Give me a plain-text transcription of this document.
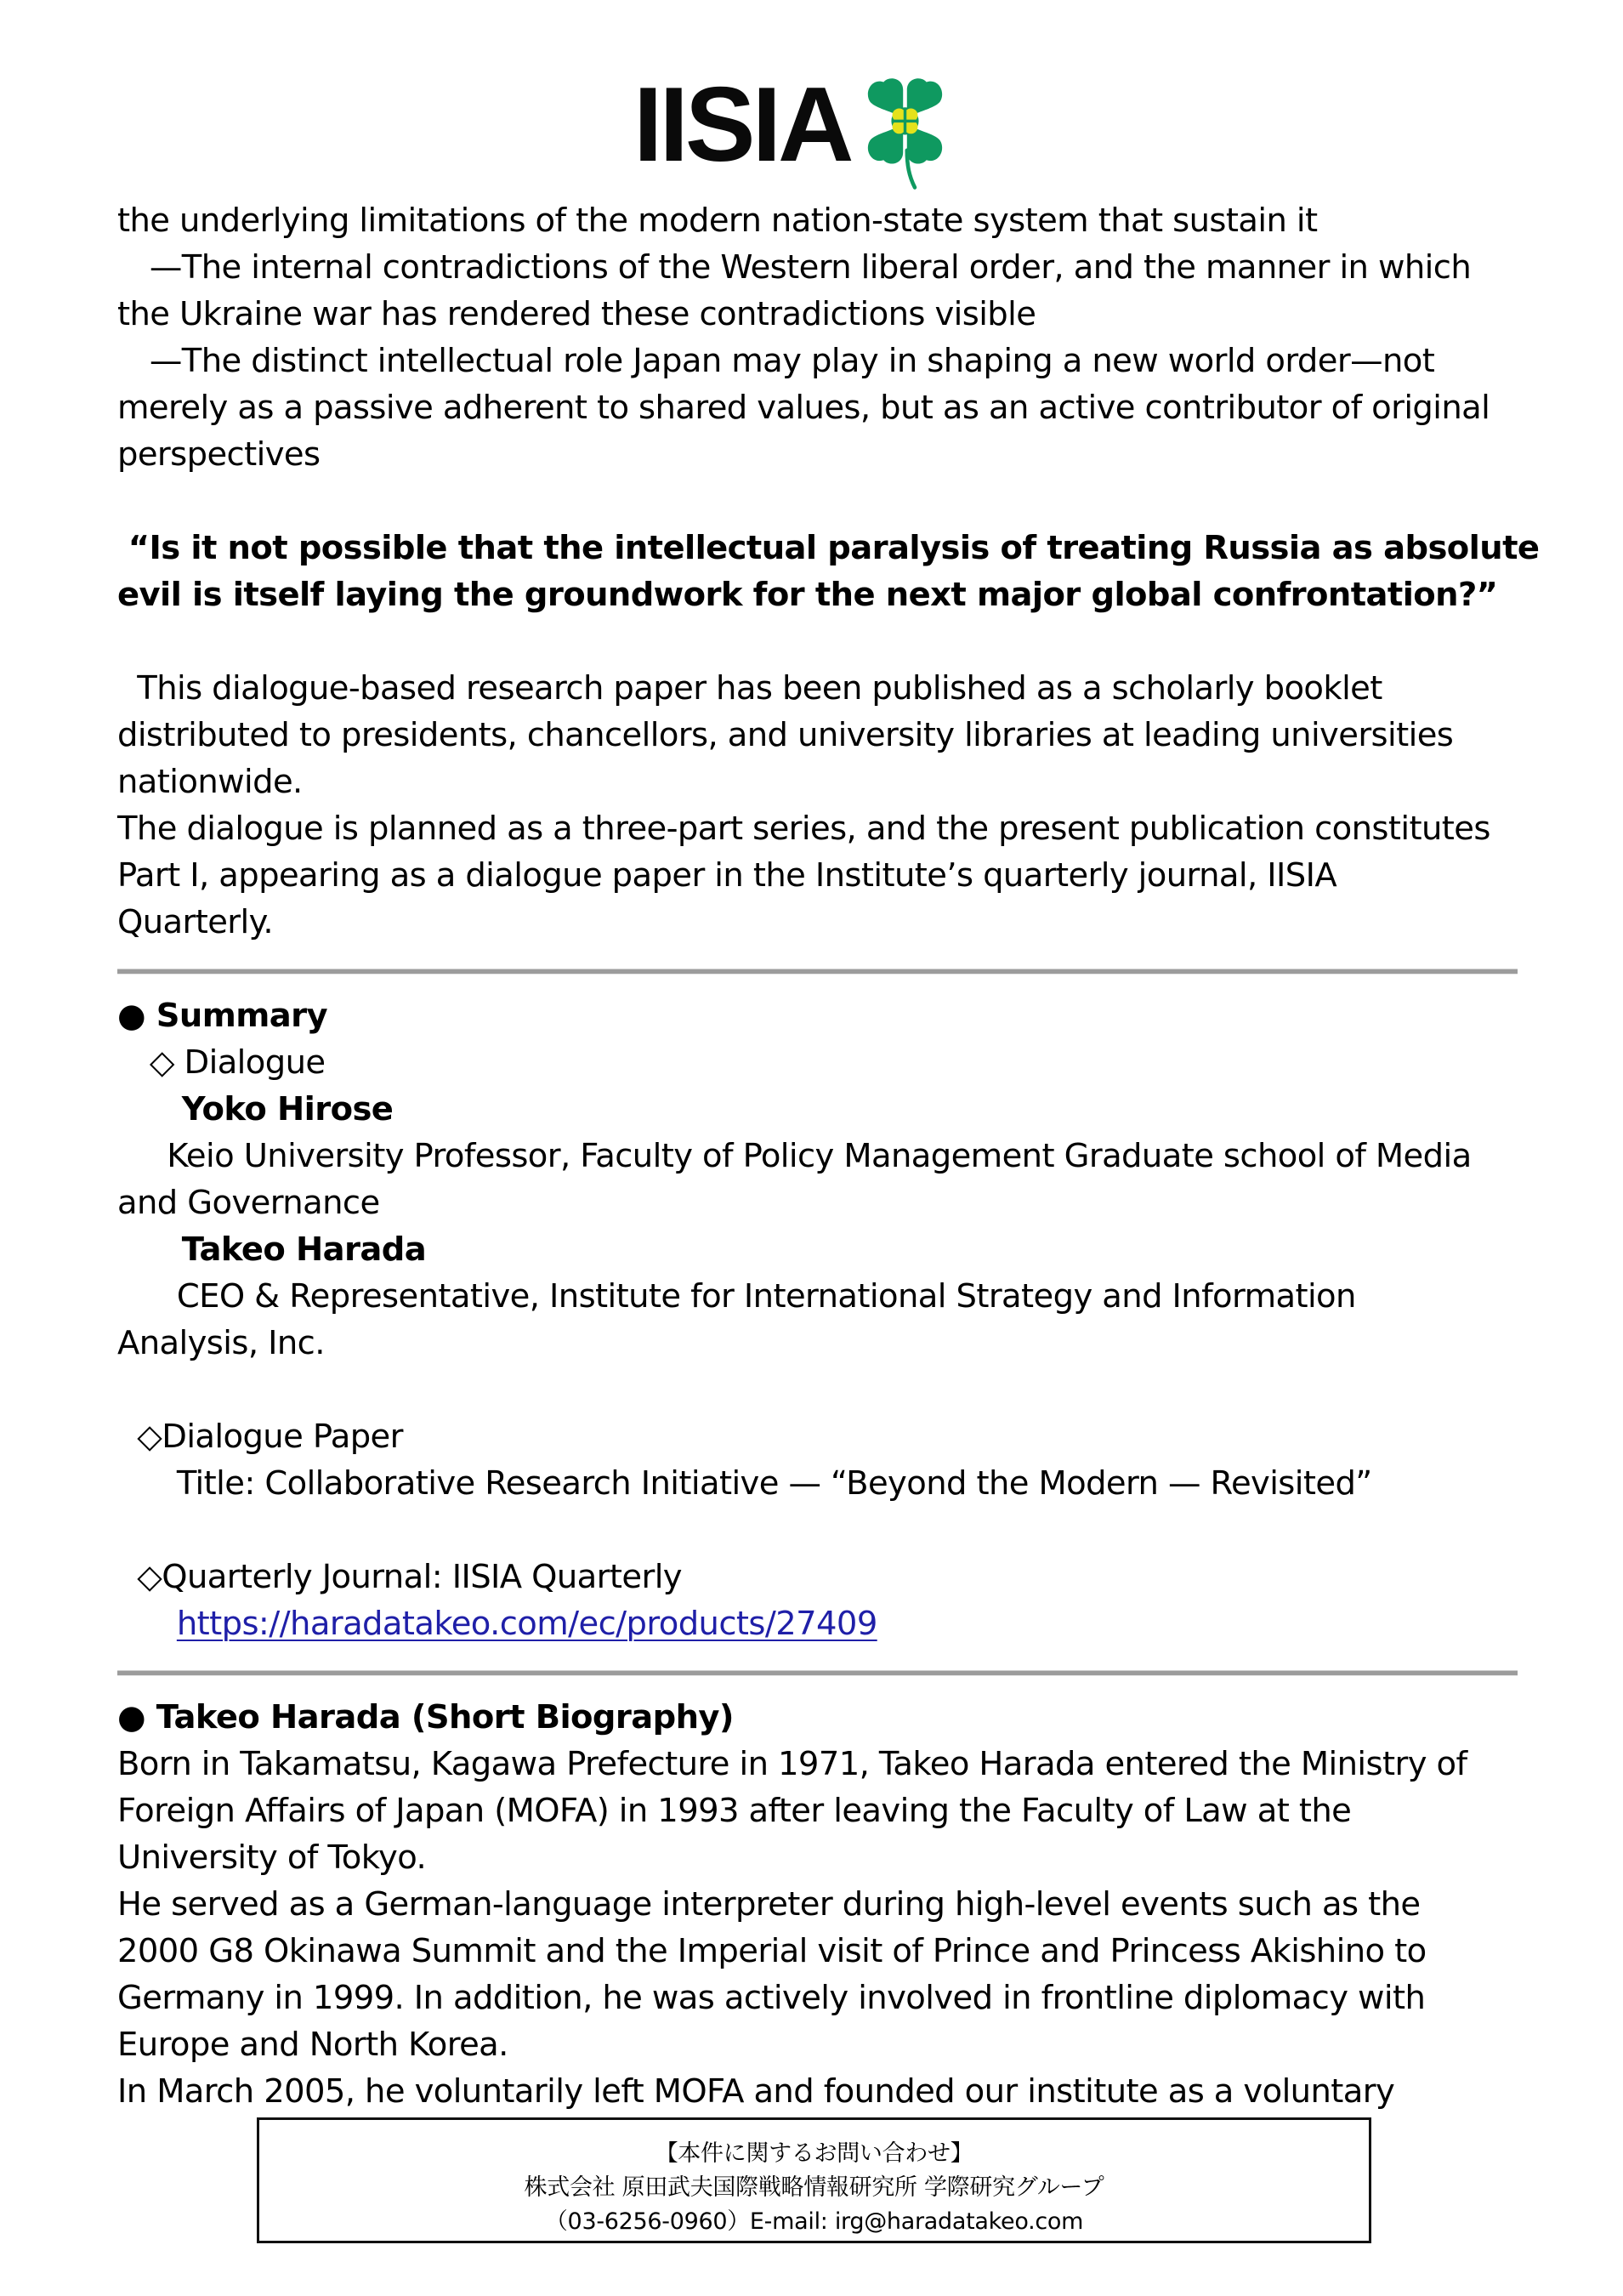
IISIA
the underlying limitations of the modern nation-state system that sustain it
　—The internal contradictions of the Western liberal order, and the manner in which
the Ukraine war has rendered these contradictions visible
　—The distinct intellectual role Japan may play in shaping a new world order—not
merely as a passive adherent to shared values, but as an active contributor of original
perspectives
“Is it not possible that the intellectual paralysis of treating Russia as absolute
evil is itself laying the groundwork for the next major global confrontation?”
This dialogue-based research paper has been published as a scholarly booklet
distributed to presidents, chancellors, and university libraries at leading universities
nationwide.
The dialogue is planned as a three-part series, and the present publication constitutes
Part I, appearing as a dialogue paper in the Institute’s quarterly journal, IISIA
Quarterly.
● Summary
　◇ Dialogue
　　Yoko Hirose
Keio University Professor, Faculty of Policy Management Graduate school of Media
and Governance
　　Takeo Harada
CEO & Representative, Institute for International Strategy and Information
Analysis, Inc.
◇Dialogue Paper
Title: Collaborative Research Initiative — “Beyond the Modern — Revisited”
◇Quarterly Journal: IISIA Quarterly
https://haradatakeo.com/ec/products/27409
● Takeo Harada (Short Biography)
Born in Takamatsu, Kagawa Prefecture in 1971, Takeo Harada entered the Ministry of
Foreign Affairs of Japan (MOFA) in 1993 after leaving the Faculty of Law at the
University of Tokyo.
He served as a German-language interpreter during high-level events such as the
2000 G8 Okinawa Summit and the Imperial visit of Prince and Princess Akishino to
Germany in 1999. In addition, he was actively involved in frontline diplomacy with
Europe and North Korea.
In March 2005, he voluntarily left MOFA and founded our institute as a voluntary
【本件に関するお問い合わせ】
株式会社 原田武夫国際戦略情報研究所 学際研究グループ
（03-6256-0960）E-mail: irg@haradatakeo.com
